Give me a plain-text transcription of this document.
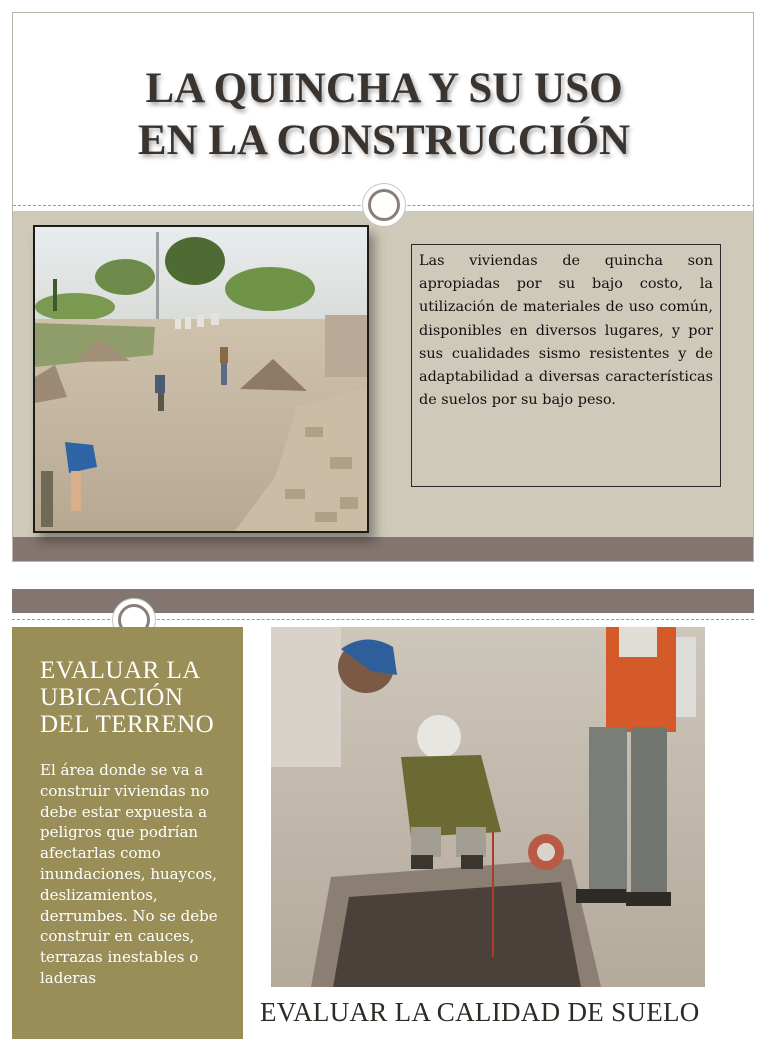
LA QUINCHA Y SU USO
EN LA CONSTRUCCIÓN
Las viviendas de quincha son apropiadas por su bajo costo, la utilización de materiales de uso común, disponibles en diversos lugares, y por sus cualidades sismo resistentes y de adaptabilidad a diversas características de suelos por su bajo peso.
EVALUAR LA UBICACIÓN DEL TERRENO

El área donde se va a construir viviendas no debe estar expuesta a peligros que podrían afectarlas como inundaciones, huaycos, deslizamientos, derrumbes. No se debe construir en cauces, terrazas inestables o laderas

EVALUAR LA CALIDAD DE SUELO
